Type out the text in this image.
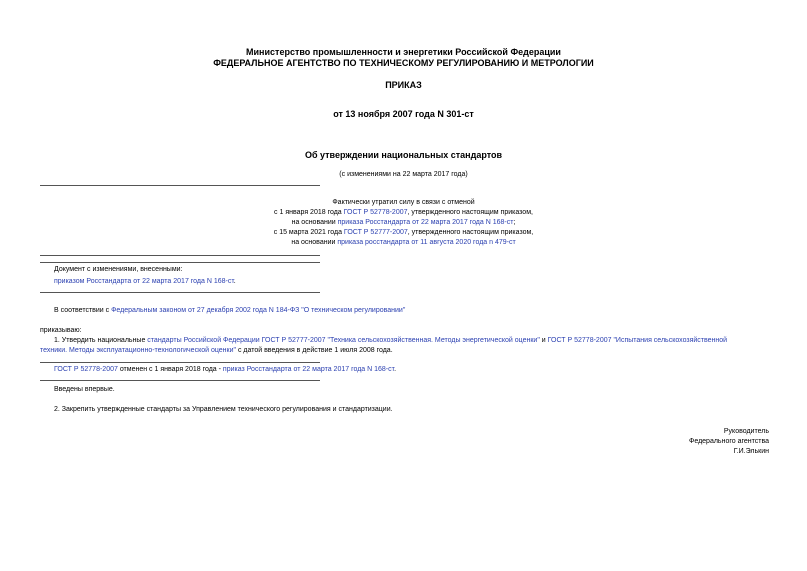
Министерство промышленности и энергетики Российской Федерации
ФЕДЕРАЛЬНОЕ АГЕНТСТВО ПО ТЕХНИЧЕСКОМУ РЕГУЛИРОВАНИЮ И МЕТРОЛОГИИ
ПРИКАЗ
от 13 ноября 2007 года N 301-ст
Об утверждении национальных стандартов
(с изменениями на 22 марта 2017 года)
Фактически утратил силу в связи с отменой
с 1 января 2018 года ГОСТ Р 52778-2007, утвержденного настоящим приказом,
на основании приказа Росстандарта от 22 марта 2017 года N 168-ст;
с 15 марта 2021 года ГОСТ Р 52777-2007, утвержденного настоящим приказом,
на основании приказа росстандарта от 11 августа 2020 года n 479-ст
Документ с изменениями, внесенными:
приказом Росстандарта от 22 марта 2017 года N 168-ст.
В соответствии с Федеральным законом от 27 декабря 2002 года N 184-ФЗ "О техническом регулировании"
приказываю:
1. Утвердить национальные стандарты Российской Федерации ГОСТ Р 52777-2007 "Техника сельскохозяйственная. Методы энергетической оценки" и ГОСТ Р 52778-2007 "Испытания сельскохозяйственной
техники. Методы эксплуатационно-технологической оценки" с датой введения в действие 1 июля 2008 года.
ГОСТ Р 52778-2007 отменен с 1 января 2018 года - приказ Росстандарта от 22 марта 2017 года N 168-ст.
Введены впервые.
2. Закрепить утвержденные стандарты за Управлением технического регулирования и стандартизации.
Руководитель
Федерального агентства
Г.И.Элькин
